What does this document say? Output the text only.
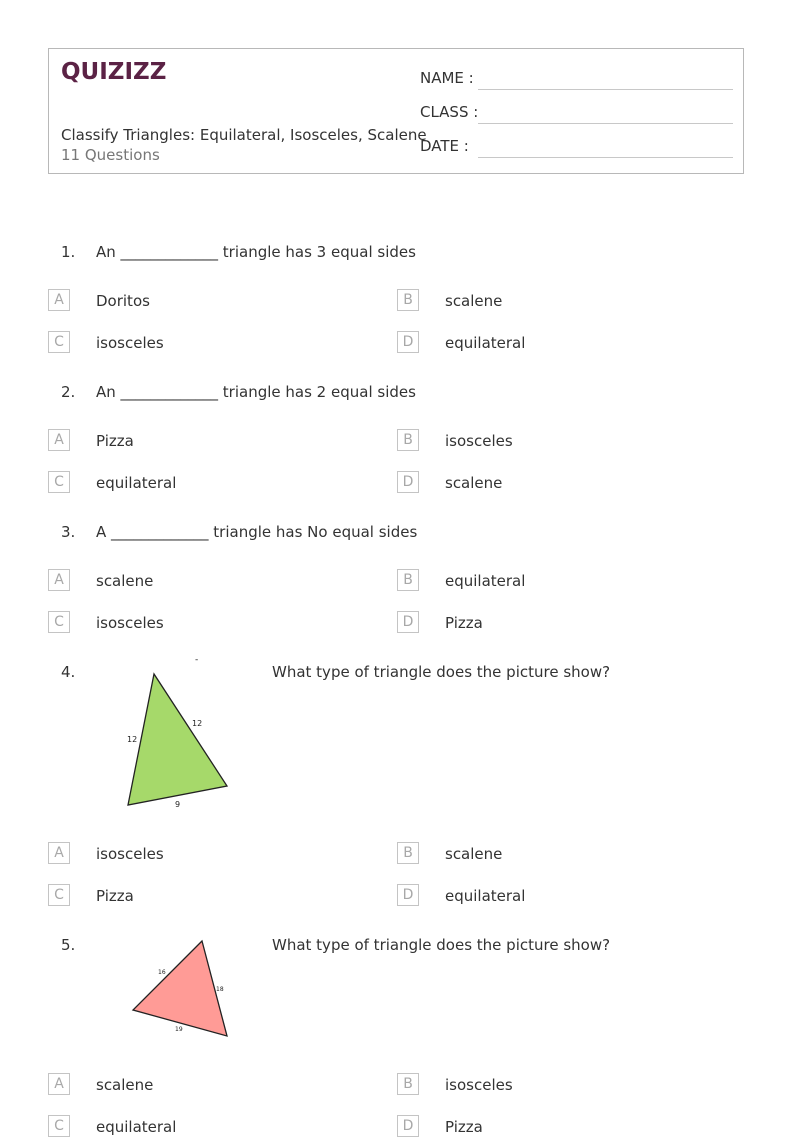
QUIZIZZ
Classify Triangles: Equilateral, Isosceles, Scalene
11 Questions
NAME :
CLASS :
DATE :
1. An _____________ triangle has 3 equal sides
A	Doritos	B	scalene
C	isosceles	D	equilateral
2. An _____________ triangle has 2 equal sides
A	Pizza	B	isosceles
C	equilateral	D	scalene
3. A _____________ triangle has No equal sides
A	scalene	B	equilateral
C	isosceles	D	Pizza
4.
12
12
9
-
What type of triangle does the picture show?
A	isosceles	B	scalene
C	Pizza	D	equilateral
5.
16
18
19
What type of triangle does the picture show?
A	scalene	B	isosceles
C	equilateral	D	Pizza
